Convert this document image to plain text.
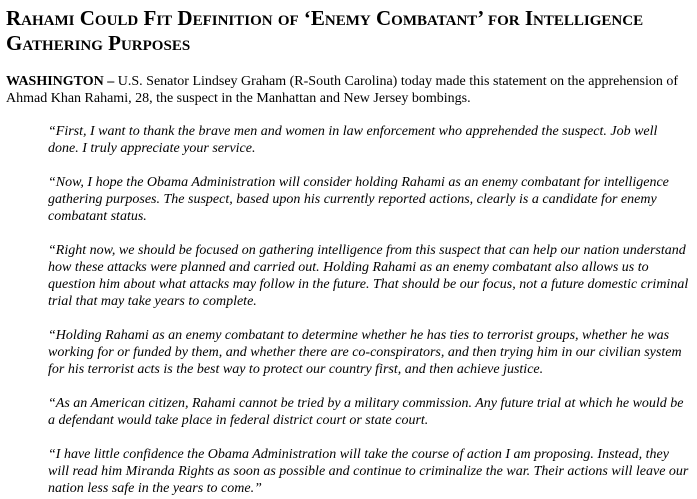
Rahami Could Fit Definition of ‘Enemy Combatant’ for Intelligence Gathering Purposes

WASHINGTON – U.S. Senator Lindsey Graham (R-South Carolina) today made this statement on the apprehension of Ahmad Khan Rahami, 28, the suspect in the Manhattan and New Jersey bombings.

“First, I want to thank the brave men and women in law enforcement who apprehended the suspect. Job well done. I truly appreciate your service.

“Now, I hope the Obama Administration will consider holding Rahami as an enemy combatant for intelligence gathering purposes. The suspect, based upon his currently reported actions, clearly is a candidate for enemy combatant status.

“Right now, we should be focused on gathering intelligence from this suspect that can help our nation understand how these attacks were planned and carried out. Holding Rahami as an enemy combatant also allows us to question him about what attacks may follow in the future. That should be our focus, not a future domestic criminal trial that may take years to complete.

“Holding Rahami as an enemy combatant to determine whether he has ties to terrorist groups, whether he was working for or funded by them, and whether there are co-conspirators, and then trying him in our civilian system for his terrorist acts is the best way to protect our country first, and then achieve justice.

“As an American citizen, Rahami cannot be tried by a military commission. Any future trial at which he would be a defendant would take place in federal district court or state court.

“I have little confidence the Obama Administration will take the course of action I am proposing. Instead, they will read him Miranda Rights as soon as possible and continue to criminalize the war. Their actions will leave our nation less safe in the years to come.”
